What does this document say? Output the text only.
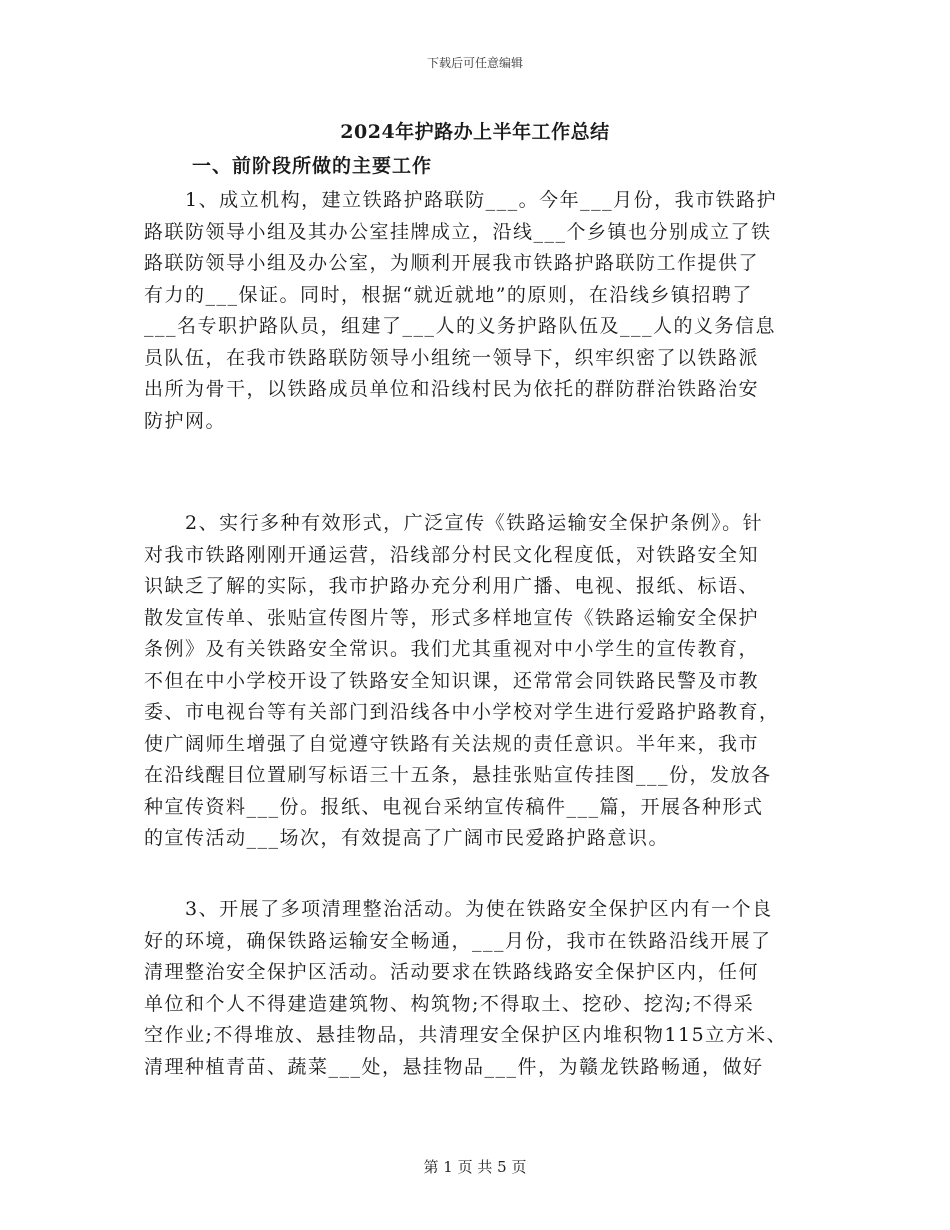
下载后可任意编辑
2024年护路办上半年工作总结
一、前阶段所做的主要工作
　　1、成立机构，建立铁路护路联防___。今年___月份，我市铁路护
路联防领导小组及其办公室挂牌成立，沿线___个乡镇也分别成立了铁
路联防领导小组及办公室，为顺利开展我市铁路护路联防工作提供了
有力的___保证。同时，根据“就近就地”的原则，在沿线乡镇招聘了
___名专职护路队员，组建了___人的义务护路队伍及___人的义务信息
员队伍，在我市铁路联防领导小组统一领导下，织牢织密了以铁路派
出所为骨干，以铁路成员单位和沿线村民为依托的群防群治铁路治安
防护网。
　　2、实行多种有效形式，广泛宣传《铁路运输安全保护条例》。针
对我市铁路刚刚开通运营，沿线部分村民文化程度低，对铁路安全知
识缺乏了解的实际，我市护路办充分利用广播、电视、报纸、标语、
散发宣传单、张贴宣传图片等，形式多样地宣传《铁路运输安全保护
条例》及有关铁路安全常识。我们尤其重视对中小学生的宣传教育，
不但在中小学校开设了铁路安全知识课，还常常会同铁路民警及市教
委、市电视台等有关部门到沿线各中小学校对学生进行爱路护路教育，
使广阔师生增强了自觉遵守铁路有关法规的责任意识。半年来，我市
在沿线醒目位置刷写标语三十五条，悬挂张贴宣传挂图___份，发放各
种宣传资料___份。报纸、电视台采纳宣传稿件___篇，开展各种形式
的宣传活动___场次，有效提高了广阔市民爱路护路意识。
　　3、开展了多项清理整治活动。为使在铁路安全保护区内有一个良
好的环境，确保铁路运输安全畅通，___月份，我市在铁路沿线开展了
清理整治安全保护区活动。活动要求在铁路线路安全保护区内，任何
单位和个人不得建造建筑物、构筑物;不得取土、挖砂、挖沟;不得采
空作业;不得堆放、悬挂物品，共清理安全保护区内堆积物115立方米、
清理种植青苗、蔬菜___处，悬挂物品___件，为赣龙铁路畅通，做好
第 1 页 共 5 页
